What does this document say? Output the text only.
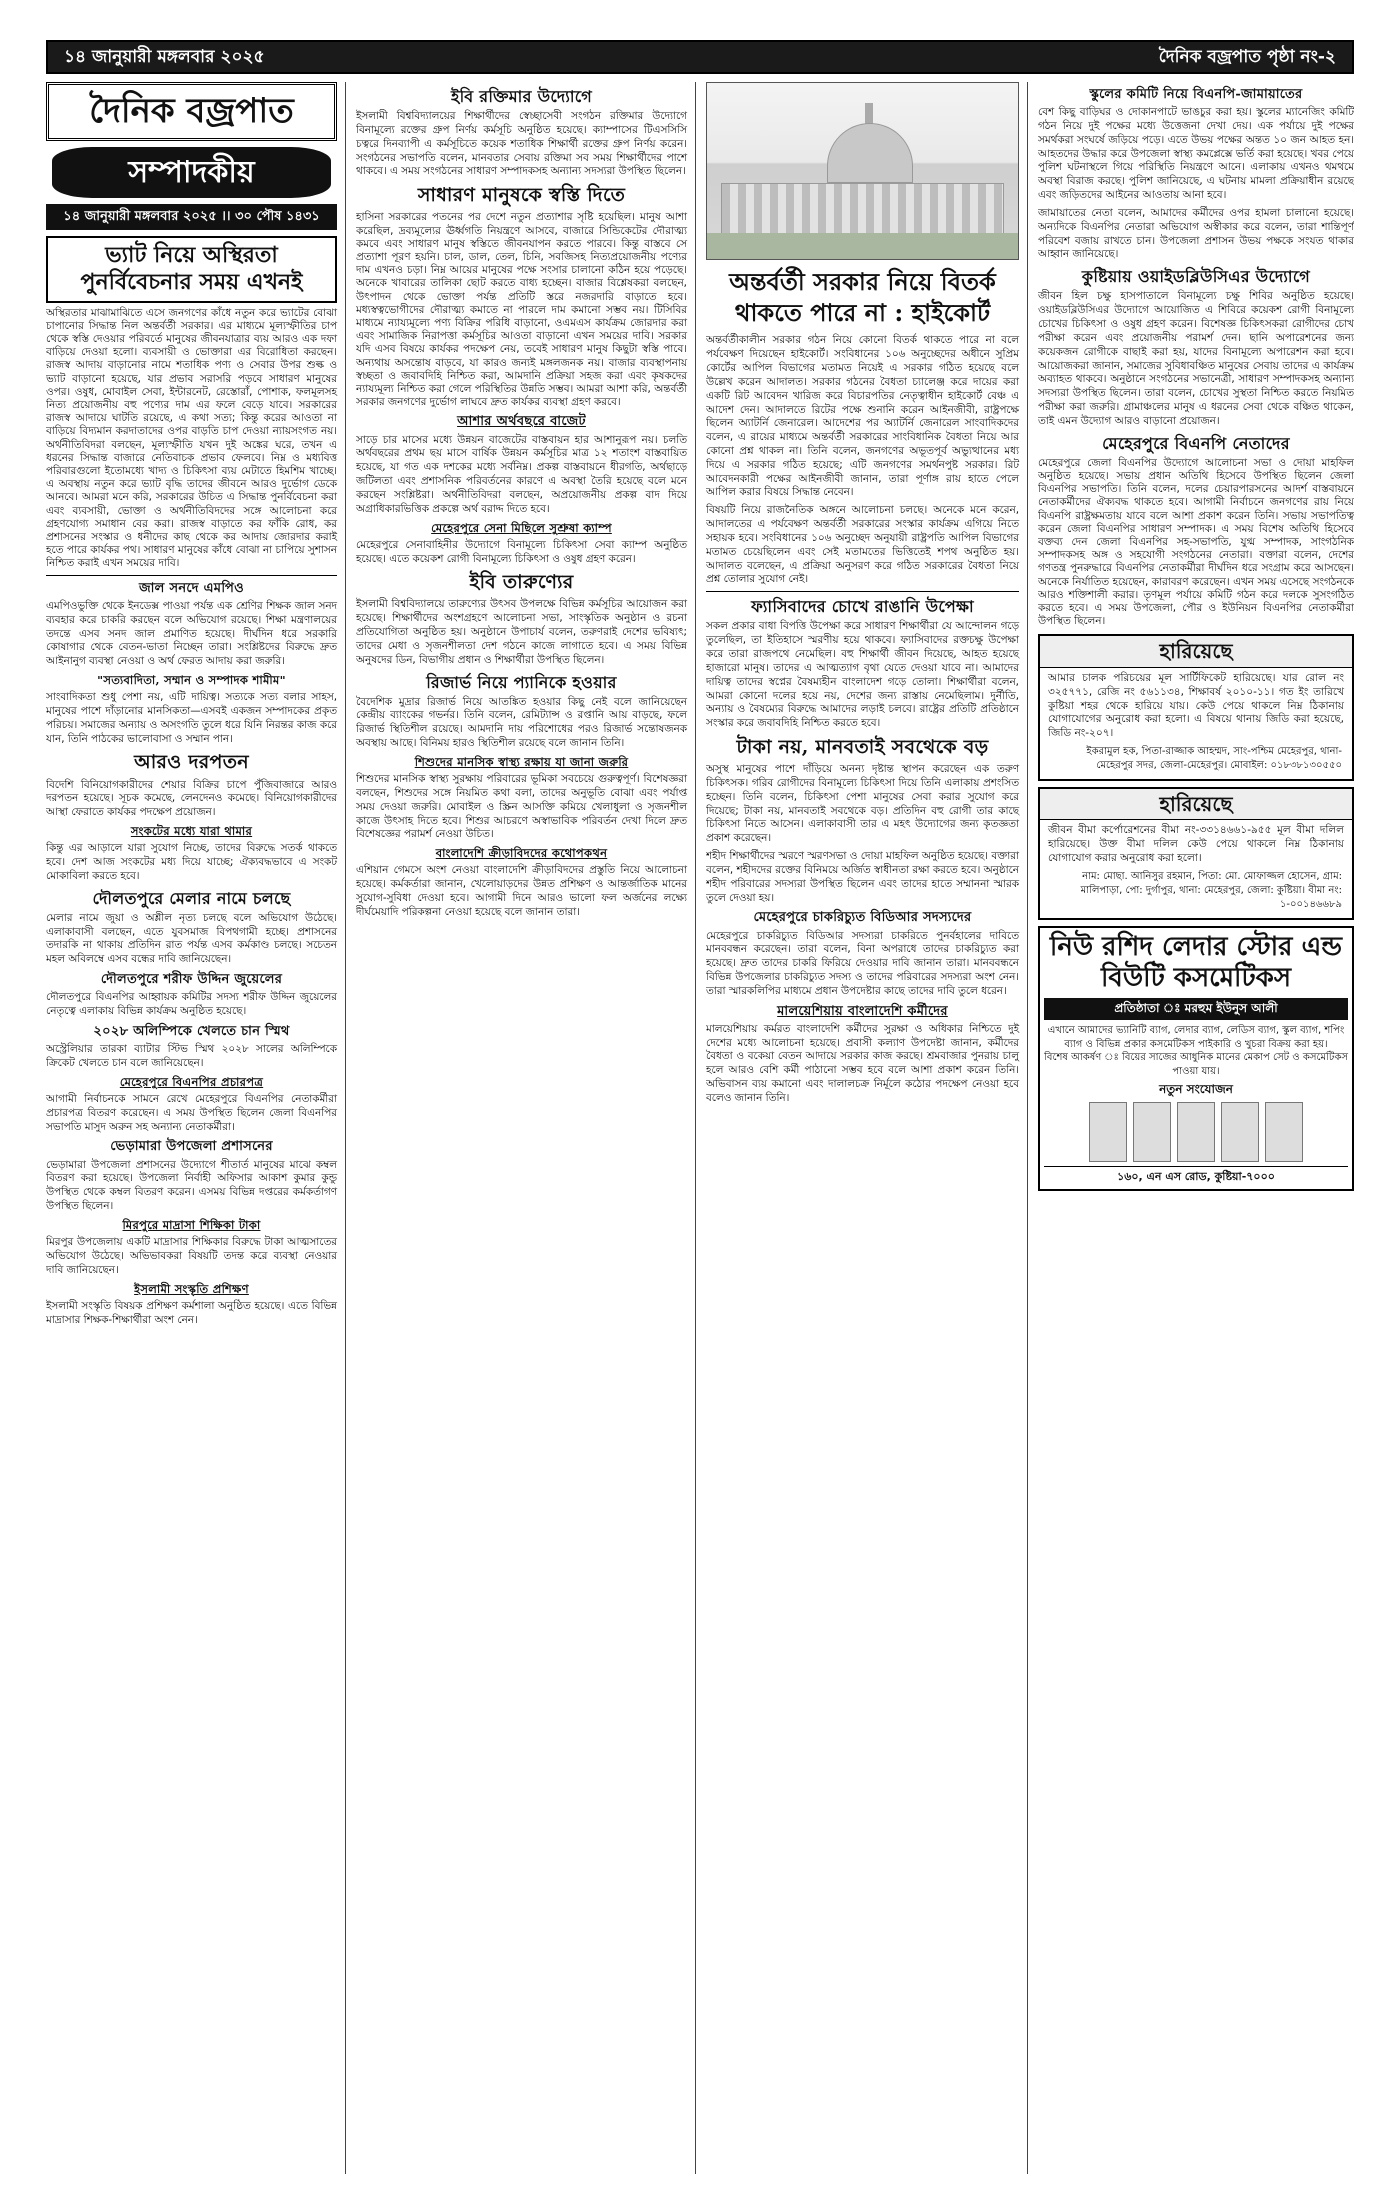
১৪ জানুয়ারী মঙ্গলবার ২০২৫	দৈনিক বজ্রপাত পৃষ্ঠা নং-২
দৈনিক বজ্রপাত
সম্পাদকীয়
১৪ জানুয়ারী মঙ্গলবার ২০২৫ ।। ৩০ পৌষ ১৪৩১
ভ্যাট নিয়ে অস্থিরতা পুনর্বিবেচনার সময় এখনই

অস্থিরতার মাঝামাঝিতে এসে জনগণের কাঁধে নতুন করে ভ্যাটের বোঝা চাপানোর সিদ্ধান্ত নিল অন্তর্বর্তী সরকার। এর মাধ্যমে মূল্যস্ফীতির চাপ থেকে স্বস্তি দেওয়ার পরিবর্তে মানুষের জীবনযাত্রার ব্যয় আরও এক দফা বাড়িয়ে দেওয়া হলো। ব্যবসায়ী ও ভোক্তারা এর বিরোধিতা করছেন। রাজস্ব আদায় বাড়ানোর নামে শতাধিক পণ্য ও সেবার উপর শুল্ক ও ভ্যাট বাড়ানো হয়েছে, যার প্রভাব সরাসরি পড়বে সাধারণ মানুষের ওপর। ওষুধ, মোবাইল সেবা, ইন্টারনেট, রেস্তোরাঁ, পোশাক, ফলমূলসহ নিত্য প্রয়োজনীয় বহু পণ্যের দাম এর ফলে বেড়ে যাবে। সরকারের রাজস্ব আদায়ে ঘাটতি রয়েছে, এ কথা সত্য; কিন্তু করের আওতা না বাড়িয়ে বিদ্যমান করদাতাদের ওপর বাড়তি চাপ দেওয়া ন্যায়সংগত নয়। অর্থনীতিবিদরা বলছেন, মূল্যস্ফীতি যখন দুই অঙ্কের ঘরে, তখন এ ধরনের সিদ্ধান্ত বাজারে নেতিবাচক প্রভাব ফেলবে। নিম্ন ও মধ্যবিত্ত পরিবারগুলো ইতোমধ্যে খাদ্য ও চিকিৎসা ব্যয় মেটাতে হিমশিম খাচ্ছে। এ অবস্থায় নতুন করে ভ্যাট বৃদ্ধি তাদের জীবনে আরও দুর্ভোগ ডেকে আনবে। আমরা মনে করি, সরকারের উচিত এ সিদ্ধান্ত পুনর্বিবেচনা করা এবং ব্যবসায়ী, ভোক্তা ও অর্থনীতিবিদদের সঙ্গে আলোচনা করে গ্রহণযোগ্য সমাধান বের করা। রাজস্ব বাড়াতে কর ফাঁকি রোধ, কর প্রশাসনের সংস্কার ও ধনীদের কাছ থেকে কর আদায় জোরদার করাই হতে পারে কার্যকর পথ। সাধারণ মানুষের কাঁধে বোঝা না চাপিয়ে সুশাসন নিশ্চিত করাই এখন সময়ের দাবি।

জাল সনদে এমপিও

এমপিওভুক্তি থেকে ইনডেক্স পাওয়া পর্যন্ত এক শ্রেণির শিক্ষক জাল সনদ ব্যবহার করে চাকরি করছেন বলে অভিযোগ রয়েছে। শিক্ষা মন্ত্রণালয়ের তদন্তে এসব সনদ জাল প্রমাণিত হয়েছে। দীর্ঘদিন ধরে সরকারি কোষাগার থেকে বেতন-ভাতা নিচ্ছেন তারা। সংশ্লিষ্টদের বিরুদ্ধে দ্রুত আইনানুগ ব্যবস্থা নেওয়া ও অর্থ ফেরত আদায় করা জরুরি।

"সত্যবাদিতা, সম্মান ও সম্পাদক শামীম"

সাংবাদিকতা শুধু পেশা নয়, এটি দায়িত্ব। সত্যকে সত্য বলার সাহস, মানুষের পাশে দাঁড়ানোর মানসিকতা—এসবই একজন সম্পাদকের প্রকৃত পরিচয়। সমাজের অন্যায় ও অসংগতি তুলে ধরে যিনি নিরন্তর কাজ করে যান, তিনি পাঠকের ভালোবাসা ও সম্মান পান।

আরও দরপতন

বিদেশি বিনিয়োগকারীদের শেয়ার বিক্রির চাপে পুঁজিবাজারে আরও দরপতন হয়েছে। সূচক কমেছে, লেনদেনও কমেছে। বিনিয়োগকারীদের আস্থা ফেরাতে কার্যকর পদক্ষেপ প্রয়োজন।

সংকটের মধ্যে যারা থামার

কিন্তু এর আড়ালে যারা সুযোগ নিচ্ছে, তাদের বিরুদ্ধে সতর্ক থাকতে হবে। দেশ আজ সংকটের মধ্য দিয়ে যাচ্ছে; ঐক্যবদ্ধভাবে এ সংকট মোকাবিলা করতে হবে।

দৌলতপুরে মেলার নামে চলছে

মেলার নামে জুয়া ও অশ্লীল নৃত্য চলছে বলে অভিযোগ উঠেছে। এলাকাবাসী বলছেন, এতে যুবসমাজ বিপথগামী হচ্ছে। প্রশাসনের তদারকি না থাকায় প্রতিদিন রাত পর্যন্ত এসব কর্মকাণ্ড চলছে। সচেতন মহল অবিলম্বে এসব বন্ধের দাবি জানিয়েছেন।

দৌলতপুরে শরীফ উদ্দিন জুয়েলের

দৌলতপুরে বিএনপির আহ্বায়ক কমিটির সদস্য শরীফ উদ্দিন জুয়েলের নেতৃত্বে এলাকায় বিভিন্ন কার্যক্রম অনুষ্ঠিত হয়েছে।

২০২৮ অলিম্পিকে খেলতে চান স্মিথ

অস্ট্রেলিয়ার তারকা ব্যাটার স্টিভ স্মিথ ২০২৮ সালের অলিম্পিকে ক্রিকেট খেলতে চান বলে জানিয়েছেন।

মেহেরপুরে বিএনপির প্রচারপত্র

আগামী নির্বাচনকে সামনে রেখে মেহেরপুরে বিএনপির নেতাকর্মীরা প্রচারপত্র বিতরণ করেছেন। এ সময় উপস্থিত ছিলেন জেলা বিএনপির সভাপতি মাসুদ অরুন সহ অন্যান্য নেতাকর্মীরা।

ভেড়ামারা উপজেলা প্রশাসনের

ভেড়ামারা উপজেলা প্রশাসনের উদ্যোগে শীতার্ত মানুষের মাঝে কম্বল বিতরণ করা হয়েছে। উপজেলা নির্বাহী অফিসার আকাশ কুমার কুন্ডু উপস্থিত থেকে কম্বল বিতরণ করেন। এসময় বিভিন্ন দপ্তরের কর্মকর্তাগণ উপস্থিত ছিলেন।

মিরপুরে মাদ্রাসা শিক্ষিকা টাকা

মিরপুর উপজেলায় একটি মাদ্রাসার শিক্ষিকার বিরুদ্ধে টাকা আত্মসাতের অভিযোগ উঠেছে। অভিভাবকরা বিষয়টি তদন্ত করে ব্যবস্থা নেওয়ার দাবি জানিয়েছেন।

ইসলামী সংস্কৃতি প্রশিক্ষণ

ইসলামী সংস্কৃতি বিষয়ক প্রশিক্ষণ কর্মশালা অনুষ্ঠিত হয়েছে। এতে বিভিন্ন মাদ্রাসার শিক্ষক-শিক্ষার্থীরা অংশ নেন।

ইবি রক্তিমার উদ্যোগে

ইসলামী বিশ্ববিদ্যালয়ের শিক্ষার্থীদের স্বেচ্ছাসেবী সংগঠন রক্তিমার উদ্যোগে বিনামূল্যে রক্তের গ্রুপ নির্ণয় কর্মসূচি অনুষ্ঠিত হয়েছে। ক্যাম্পাসের টিএসসিসি চত্বরে দিনব্যাপী এ কর্মসূচিতে কয়েক শতাধিক শিক্ষার্থী রক্তের গ্রুপ নির্ণয় করেন। সংগঠনের সভাপতি বলেন, মানবতার সেবায় রক্তিমা সব সময় শিক্ষার্থীদের পাশে থাকবে। এ সময় সংগঠনের সাধারণ সম্পাদকসহ অন্যান্য সদস্যরা উপস্থিত ছিলেন।

সাধারণ মানুষকে স্বস্তি দিতে

হাসিনা সরকারের পতনের পর দেশে নতুন প্রত্যাশার সৃষ্টি হয়েছিল। মানুষ আশা করেছিল, দ্রব্যমূল্যের ঊর্ধ্বগতি নিয়ন্ত্রণে আসবে, বাজারে সিন্ডিকেটের দৌরাত্ম্য কমবে এবং সাধারণ মানুষ স্বস্তিতে জীবনযাপন করতে পারবে। কিন্তু বাস্তবে সে প্রত্যাশা পূরণ হয়নি। চাল, ডাল, তেল, চিনি, সবজিসহ নিত্যপ্রয়োজনীয় পণ্যের দাম এখনও চড়া। নিম্ন আয়ের মানুষের পক্ষে সংসার চালানো কঠিন হয়ে পড়েছে। অনেকে খাবারের তালিকা ছোট করতে বাধ্য হচ্ছেন। বাজার বিশ্লেষকরা বলছেন, উৎপাদন থেকে ভোক্তা পর্যন্ত প্রতিটি স্তরে নজরদারি বাড়াতে হবে। মধ্যস্বত্বভোগীদের দৌরাত্ম্য কমাতে না পারলে দাম কমানো সম্ভব নয়। টিসিবির মাধ্যমে ন্যায্যমূল্যে পণ্য বিক্রির পরিধি বাড়ানো, ওএমএস কার্যক্রম জোরদার করা এবং সামাজিক নিরাপত্তা কর্মসূচির আওতা বাড়ানো এখন সময়ের দাবি। সরকার যদি এসব বিষয়ে কার্যকর পদক্ষেপ নেয়, তবেই সাধারণ মানুষ কিছুটা স্বস্তি পাবে। অন্যথায় অসন্তোষ বাড়বে, যা কারও জন্যই মঙ্গলজনক নয়। বাজার ব্যবস্থাপনায় স্বচ্ছতা ও জবাবদিহি নিশ্চিত করা, আমদানি প্রক্রিয়া সহজ করা এবং কৃষকদের ন্যায্যমূল্য নিশ্চিত করা গেলে পরিস্থিতির উন্নতি সম্ভব। আমরা আশা করি, অন্তর্বর্তী সরকার জনগণের দুর্ভোগ লাঘবে দ্রুত কার্যকর ব্যবস্থা গ্রহণ করবে।

আশার অর্থবছরে বাজেট

সাড়ে চার মাসের মধ্যে উন্নয়ন বাজেটের বাস্তবায়ন হার আশানুরূপ নয়। চলতি অর্থবছরের প্রথম ছয় মাসে বার্ষিক উন্নয়ন কর্মসূচির মাত্র ১২ শতাংশ বাস্তবায়িত হয়েছে, যা গত এক দশকের মধ্যে সর্বনিম্ন। প্রকল্প বাস্তবায়নে ধীরগতি, অর্থছাড়ে জটিলতা এবং প্রশাসনিক পরিবর্তনের কারণে এ অবস্থা তৈরি হয়েছে বলে মনে করছেন সংশ্লিষ্টরা। অর্থনীতিবিদরা বলছেন, অপ্রয়োজনীয় প্রকল্প বাদ দিয়ে অগ্রাধিকারভিত্তিক প্রকল্পে অর্থ বরাদ্দ দিতে হবে।

মেহেরপুরে সেনা মিছিলে সুশ্রুষা ক্যাম্প

মেহেরপুরে সেনাবাহিনীর উদ্যোগে বিনামূল্যে চিকিৎসা সেবা ক্যাম্প অনুষ্ঠিত হয়েছে। এতে কয়েকশ রোগী বিনামূল্যে চিকিৎসা ও ওষুধ গ্রহণ করেন।

ইবি তারুণ্যের

ইসলামী বিশ্ববিদ্যালয়ে তারুণ্যের উৎসব উপলক্ষে বিভিন্ন কর্মসূচির আয়োজন করা হয়েছে। শিক্ষার্থীদের অংশগ্রহণে আলোচনা সভা, সাংস্কৃতিক অনুষ্ঠান ও রচনা প্রতিযোগিতা অনুষ্ঠিত হয়। অনুষ্ঠানে উপাচার্য বলেন, তরুণরাই দেশের ভবিষ্যৎ; তাদের মেধা ও সৃজনশীলতা দেশ গঠনে কাজে লাগাতে হবে। এ সময় বিভিন্ন অনুষদের ডিন, বিভাগীয় প্রধান ও শিক্ষার্থীরা উপস্থিত ছিলেন।

রিজার্ভ নিয়ে প্যানিকে হওয়ার

বৈদেশিক মুদ্রার রিজার্ভ নিয়ে আতঙ্কিত হওয়ার কিছু নেই বলে জানিয়েছেন কেন্দ্রীয় ব্যাংকের গভর্নর। তিনি বলেন, রেমিট্যান্স ও রপ্তানি আয় বাড়ছে, ফলে রিজার্ভ স্থিতিশীল রয়েছে। আমদানি দায় পরিশোধের পরও রিজার্ভ সন্তোষজনক অবস্থায় আছে। বিনিময় হারও স্থিতিশীল রয়েছে বলে জানান তিনি।

শিশুদের মানসিক স্বাস্থ্য রক্ষায় যা জানা জরুরি

শিশুদের মানসিক স্বাস্থ্য সুরক্ষায় পরিবারের ভূমিকা সবচেয়ে গুরুত্বপূর্ণ। বিশেষজ্ঞরা বলছেন, শিশুদের সঙ্গে নিয়মিত কথা বলা, তাদের অনুভূতি বোঝা এবং পর্যাপ্ত সময় দেওয়া জরুরি। মোবাইল ও স্ক্রিন আসক্তি কমিয়ে খেলাধুলা ও সৃজনশীল কাজে উৎসাহ দিতে হবে। শিশুর আচরণে অস্বাভাবিক পরিবর্তন দেখা দিলে দ্রুত বিশেষজ্ঞের পরামর্শ নেওয়া উচিত।

বাংলাদেশি ক্রীড়াবিদদের কথোপকথন

এশিয়ান গেমসে অংশ নেওয়া বাংলাদেশি ক্রীড়াবিদদের প্রস্তুতি নিয়ে আলোচনা হয়েছে। কর্মকর্তারা জানান, খেলোয়াড়দের উন্নত প্রশিক্ষণ ও আন্তর্জাতিক মানের সুযোগ-সুবিধা দেওয়া হবে। আগামী দিনে আরও ভালো ফল অর্জনের লক্ষ্যে দীর্ঘমেয়াদি পরিকল্পনা নেওয়া হয়েছে বলে জানান তারা।

অন্তর্বর্তী সরকার নিয়ে বিতর্ক থাকতে পারে না : হাইকোর্ট

অন্তর্বর্তীকালীন সরকার গঠন নিয়ে কোনো বিতর্ক থাকতে পারে না বলে পর্যবেক্ষণ দিয়েছেন হাইকোর্ট। সংবিধানের ১০৬ অনুচ্ছেদের অধীনে সুপ্রিম কোর্টের আপিল বিভাগের মতামত নিয়েই এ সরকার গঠিত হয়েছে বলে উল্লেখ করেন আদালত। সরকার গঠনের বৈধতা চ্যালেঞ্জ করে দায়ের করা একটি রিট আবেদন খারিজ করে বিচারপতির নেতৃত্বাধীন হাইকোর্ট বেঞ্চ এ আদেশ দেন। আদালতে রিটের পক্ষে শুনানি করেন আইনজীবী, রাষ্ট্রপক্ষে ছিলেন অ্যাটর্নি জেনারেল। আদেশের পর অ্যাটর্নি জেনারেল সাংবাদিকদের বলেন, এ রায়ের মাধ্যমে অন্তর্বর্তী সরকারের সাংবিধানিক বৈধতা নিয়ে আর কোনো প্রশ্ন থাকল না। তিনি বলেন, জনগণের অভূতপূর্ব অভ্যুত্থানের মধ্য দিয়ে এ সরকার গঠিত হয়েছে; এটি জনগণের সমর্থনপুষ্ট সরকার। রিট আবেদনকারী পক্ষের আইনজীবী জানান, তারা পূর্ণাঙ্গ রায় হাতে পেলে আপিল করার বিষয়ে সিদ্ধান্ত নেবেন।

বিষয়টি নিয়ে রাজনৈতিক অঙ্গনে আলোচনা চলছে। অনেকে মনে করেন, আদালতের এ পর্যবেক্ষণ অন্তর্বর্তী সরকারের সংস্কার কার্যক্রম এগিয়ে নিতে সহায়ক হবে। সংবিধানের ১০৬ অনুচ্ছেদ অনুযায়ী রাষ্ট্রপতি আপিল বিভাগের মতামত চেয়েছিলেন এবং সেই মতামতের ভিত্তিতেই শপথ অনুষ্ঠিত হয়। আদালত বলেছেন, এ প্রক্রিয়া অনুসরণ করে গঠিত সরকারের বৈধতা নিয়ে প্রশ্ন তোলার সুযোগ নেই।

ফ্যাসিবাদের চোখে রাঙানি উপেক্ষা

সকল প্রকার বাধা বিপত্তি উপেক্ষা করে সাধারণ শিক্ষার্থীরা যে আন্দোলন গড়ে তুলেছিল, তা ইতিহাসে স্মরণীয় হয়ে থাকবে। ফ্যাসিবাদের রক্তচক্ষু উপেক্ষা করে তারা রাজপথে নেমেছিল। বহু শিক্ষার্থী জীবন দিয়েছে, আহত হয়েছে হাজারো মানুষ। তাদের এ আত্মত্যাগ বৃথা যেতে দেওয়া যাবে না। আমাদের দায়িত্ব তাদের স্বপ্নের বৈষম্যহীন বাংলাদেশ গড়ে তোলা। শিক্ষার্থীরা বলেন, আমরা কোনো দলের হয়ে নয়, দেশের জন্য রাস্তায় নেমেছিলাম। দুর্নীতি, অন্যায় ও বৈষম্যের বিরুদ্ধে আমাদের লড়াই চলবে। রাষ্ট্রের প্রতিটি প্রতিষ্ঠানে সংস্কার করে জবাবদিহি নিশ্চিত করতে হবে।

টাকা নয়, মানবতাই সবথেকে বড়

অসুস্থ মানুষের পাশে দাঁড়িয়ে অনন্য দৃষ্টান্ত স্থাপন করেছেন এক তরুণ চিকিৎসক। গরিব রোগীদের বিনামূল্যে চিকিৎসা দিয়ে তিনি এলাকায় প্রশংসিত হচ্ছেন। তিনি বলেন, চিকিৎসা পেশা মানুষের সেবা করার সুযোগ করে দিয়েছে; টাকা নয়, মানবতাই সবথেকে বড়। প্রতিদিন বহু রোগী তার কাছে চিকিৎসা নিতে আসেন। এলাকাবাসী তার এ মহৎ উদ্যোগের জন্য কৃতজ্ঞতা প্রকাশ করেছেন।

শহীদ শিক্ষার্থীদের স্মরণে স্মরণসভা ও দোয়া মাহফিল অনুষ্ঠিত হয়েছে। বক্তারা বলেন, শহীদদের রক্তের বিনিময়ে অর্জিত স্বাধীনতা রক্ষা করতে হবে। অনুষ্ঠানে শহীদ পরিবারের সদস্যরা উপস্থিত ছিলেন এবং তাদের হাতে সম্মাননা স্মারক তুলে দেওয়া হয়।

মেহেরপুরে চাকরিচ্যুত বিডিআর সদস্যদের

মেহেরপুরে চাকরিচ্যুত বিডিআর সদস্যরা চাকরিতে পুনর্বহালের দাবিতে মানববন্ধন করেছেন। তারা বলেন, বিনা অপরাধে তাদের চাকরিচ্যুত করা হয়েছে। দ্রুত তাদের চাকরি ফিরিয়ে দেওয়ার দাবি জানান তারা। মানববন্ধনে বিভিন্ন উপজেলার চাকরিচ্যুত সদস্য ও তাদের পরিবারের সদস্যরা অংশ নেন। তারা স্মারকলিপির মাধ্যমে প্রধান উপদেষ্টার কাছে তাদের দাবি তুলে ধরেন।

মালয়েশিয়ায় বাংলাদেশি কর্মীদের

মালয়েশিয়ায় কর্মরত বাংলাদেশি কর্মীদের সুরক্ষা ও অধিকার নিশ্চিতে দুই দেশের মধ্যে আলোচনা হয়েছে। প্রবাসী কল্যাণ উপদেষ্টা জানান, কর্মীদের বৈধতা ও বকেয়া বেতন আদায়ে সরকার কাজ করছে। শ্রমবাজার পুনরায় চালু হলে আরও বেশি কর্মী পাঠানো সম্ভব হবে বলে আশা প্রকাশ করেন তিনি। অভিবাসন ব্যয় কমানো এবং দালালচক্র নির্মূলে কঠোর পদক্ষেপ নেওয়া হবে বলেও জানান তিনি।

স্কুলের কমিটি নিয়ে বিএনপি-জামায়াতের

বেশ কিছু বাড়িঘর ও দোকানপাটে ভাঙচুর করা হয়। স্কুলের ম্যানেজিং কমিটি গঠন নিয়ে দুই পক্ষের মধ্যে উত্তেজনা দেখা দেয়। এক পর্যায়ে দুই পক্ষের সমর্থকরা সংঘর্ষে জড়িয়ে পড়ে। এতে উভয় পক্ষের অন্তত ১০ জন আহত হন। আহতদের উদ্ধার করে উপজেলা স্বাস্থ্য কমপ্লেক্সে ভর্তি করা হয়েছে। খবর পেয়ে পুলিশ ঘটনাস্থলে গিয়ে পরিস্থিতি নিয়ন্ত্রণে আনে। এলাকায় এখনও থমথমে অবস্থা বিরাজ করছে। পুলিশ জানিয়েছে, এ ঘটনায় মামলা প্রক্রিয়াধীন রয়েছে এবং জড়িতদের আইনের আওতায় আনা হবে।

জামায়াতের নেতা বলেন, আমাদের কর্মীদের ওপর হামলা চালানো হয়েছে। অন্যদিকে বিএনপির নেতারা অভিযোগ অস্বীকার করে বলেন, তারা শান্তিপূর্ণ পরিবেশ বজায় রাখতে চান। উপজেলা প্রশাসন উভয় পক্ষকে সংযত থাকার আহ্বান জানিয়েছে।

কুষ্টিয়ায় ওয়াইডব্লিউসিএর উদ্যোগে

জীবন হিল চক্ষু হাসপাতালে বিনামূল্যে চক্ষু শিবির অনুষ্ঠিত হয়েছে। ওয়াইডব্লিউসিএর উদ্যোগে আয়োজিত এ শিবিরে কয়েকশ রোগী বিনামূল্যে চোখের চিকিৎসা ও ওষুধ গ্রহণ করেন। বিশেষজ্ঞ চিকিৎসকরা রোগীদের চোখ পরীক্ষা করেন এবং প্রয়োজনীয় পরামর্শ দেন। ছানি অপারেশনের জন্য কয়েকজন রোগীকে বাছাই করা হয়, যাদের বিনামূল্যে অপারেশন করা হবে। আয়োজকরা জানান, সমাজের সুবিধাবঞ্চিত মানুষের সেবায় তাদের এ কার্যক্রম অব্যাহত থাকবে। অনুষ্ঠানে সংগঠনের সভানেত্রী, সাধারণ সম্পাদকসহ অন্যান্য সদস্যরা উপস্থিত ছিলেন। তারা বলেন, চোখের সুস্থতা নিশ্চিত করতে নিয়মিত পরীক্ষা করা জরুরি। গ্রামাঞ্চলের মানুষ এ ধরনের সেবা থেকে বঞ্চিত থাকেন, তাই এমন উদ্যোগ আরও বাড়ানো প্রয়োজন।

মেহেরপুরে বিএনপি নেতাদের

মেহেরপুরে জেলা বিএনপির উদ্যোগে আলোচনা সভা ও দোয়া মাহফিল অনুষ্ঠিত হয়েছে। সভায় প্রধান অতিথি হিসেবে উপস্থিত ছিলেন জেলা বিএনপির সভাপতি। তিনি বলেন, দলের চেয়ারপারসনের আদর্শ বাস্তবায়নে নেতাকর্মীদের ঐক্যবদ্ধ থাকতে হবে। আগামী নির্বাচনে জনগণের রায় নিয়ে বিএনপি রাষ্ট্রক্ষমতায় যাবে বলে আশা প্রকাশ করেন তিনি। সভায় সভাপতিত্ব করেন জেলা বিএনপির সাধারণ সম্পাদক। এ সময় বিশেষ অতিথি হিসেবে বক্তব্য দেন জেলা বিএনপির সহ-সভাপতি, যুগ্ম সম্পাদক, সাংগঠনিক সম্পাদকসহ অঙ্গ ও সহযোগী সংগঠনের নেতারা। বক্তারা বলেন, দেশের গণতন্ত্র পুনরুদ্ধারে বিএনপির নেতাকর্মীরা দীর্ঘদিন ধরে সংগ্রাম করে আসছেন। অনেকে নির্যাতিত হয়েছেন, কারাবরণ করেছেন। এখন সময় এসেছে সংগঠনকে আরও শক্তিশালী করার। তৃণমূল পর্যায়ে কমিটি গঠন করে দলকে সুসংগঠিত করতে হবে। এ সময় উপজেলা, পৌর ও ইউনিয়ন বিএনপির নেতাকর্মীরা উপস্থিত ছিলেন।

হারিয়েছে
আমার চালক পরিচয়ের মূল সার্টিফিকেট হারিয়েছে। যার রোল নং ৩২৫৭৭১, রেজি নং ৫৬১১৩৪, শিক্ষাবর্ষ ২০১০-১১। গত ইং তারিখে কুষ্টিয়া শহর থেকে হারিয়ে যায়। কেউ পেয়ে থাকলে নিম্ন ঠিকানায় যোগাযোগের অনুরোধ করা হলো। এ বিষয়ে থানায় জিডি করা হয়েছে, জিডি নং-২০৭।
ইকরামুল হক, পিতা-রাজ্জাক আহম্মদ, সাং-পশ্চিম মেহেরপুর, থানা-মেহেরপুর সদর, জেলা-মেহেরপুর। মোবাইল: ০১৮৩৮১৩০৫৫০
হারিয়েছে
জীবন বীমা কর্পোরেশনের বীমা নং-৩৩১৪৬৬১-৯৫৫ মূল বীমা দলিল হারিয়েছে। উক্ত বীমা দলিল কেউ পেয়ে থাকলে নিম্ন ঠিকানায় যোগাযোগ করার অনুরোধ করা হলো।
নাম: মোছা. আনিসুর রহমান, পিতা: মো. মোফাজ্জল হোসেন, গ্রাম: মালিপাড়া, পো: দুর্গাপুর, থানা: মেহেরপুর, জেলা: কুষ্টিয়া। বীমা নং: ১-০০১৪৬৬৮৯
নিউ রশিদ লেদার স্টোর এন্ড বিউটি কসমেটিকস
প্রতিষ্ঠাতা ঃ মরহুম ইউনুস আলী
এখানে আমাদের ভ্যানিটি ব্যাগ, লেদার ব্যাগ, লেডিস ব্যাগ, স্কুল ব্যাগ, শপিং ব্যাগ ও বিভিন্ন প্রকার কসমেটিকস পাইকারি ও খুচরা বিক্রয় করা হয়।
বিশেষ আকর্ষণ ঃ বিয়ের সাজের আধুনিক মানের মেকাপ সেট ও কসমেটিকস পাওয়া যায়।
নতুন সংযোজন
১৬০, এন এস রোড, কুষ্টিয়া-৭০০০
